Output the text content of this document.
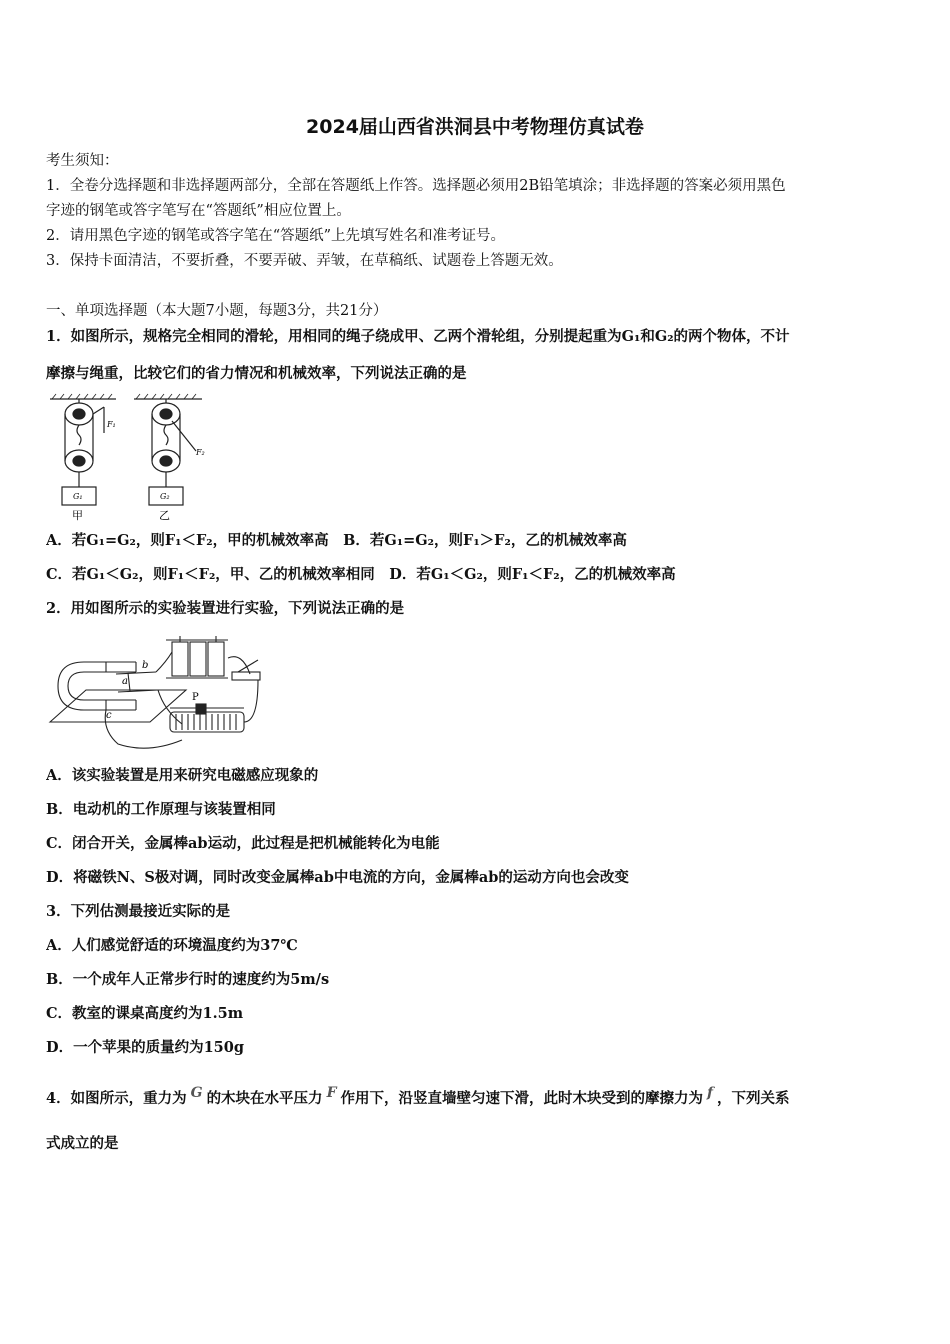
2024届山西省洪洞县中考物理仿真试卷
考生须知：
1．全卷分选择题和非选择题两部分，全部在答题纸上作答。选择题必须用2B铅笔填涂；非选择题的答案必须用黑色
字迹的钢笔或答字笔写在“答题纸”相应位置上。
2．请用黑色字迹的钢笔或答字笔在“答题纸”上先填写姓名和准考证号。
3．保持卡面清洁，不要折叠，不要弄破、弄皱，在草稿纸、试题卷上答题无效。
一、单项选择题（本大题7小题，每题3分，共21分）
1．如图所示，规格完全相同的滑轮，用相同的绳子绕成甲、乙两个滑轮组，分别提起重为G₁和G₂的两个物体，不计
摩擦与绳重，比较它们的省力情况和机械效率，下列说法正确的是
F₁
F₂
G₁	G₂
甲	乙
A．若G₁=G₂，则F₁＜F₂，甲的机械效率高　B．若G₁=G₂，则F₁＞F₂，乙的机械效率高
C．若G₁＜G₂，则F₁＜F₂，甲、乙的机械效率相同　D．若G₁＜G₂，则F₁＜F₂，乙的机械效率高
2．用如图所示的实验装置进行实验，下列说法正确的是
a
b
c
P
A．该实验装置是用来研究电磁感应现象的
B．电动机的工作原理与该装置相同
C．闭合开关，金属棒ab运动，此过程是把机械能转化为电能
D．将磁铁N、S极对调，同时改变金属棒ab中电流的方向，金属棒ab的运动方向也会改变
3．下列估测最接近实际的是
A．人们感觉舒适的环境温度约为37℃
B．一个成年人正常步行时的速度约为5m/s
C．教室的课桌高度约为1.5m
D．一个苹果的质量约为150g
4．如图所示，重力为 G 的木块在水平压力 F 作用下，沿竖直墙壁匀速下滑，此时木块受到的摩擦力为 f ，下列关系
式成立的是
